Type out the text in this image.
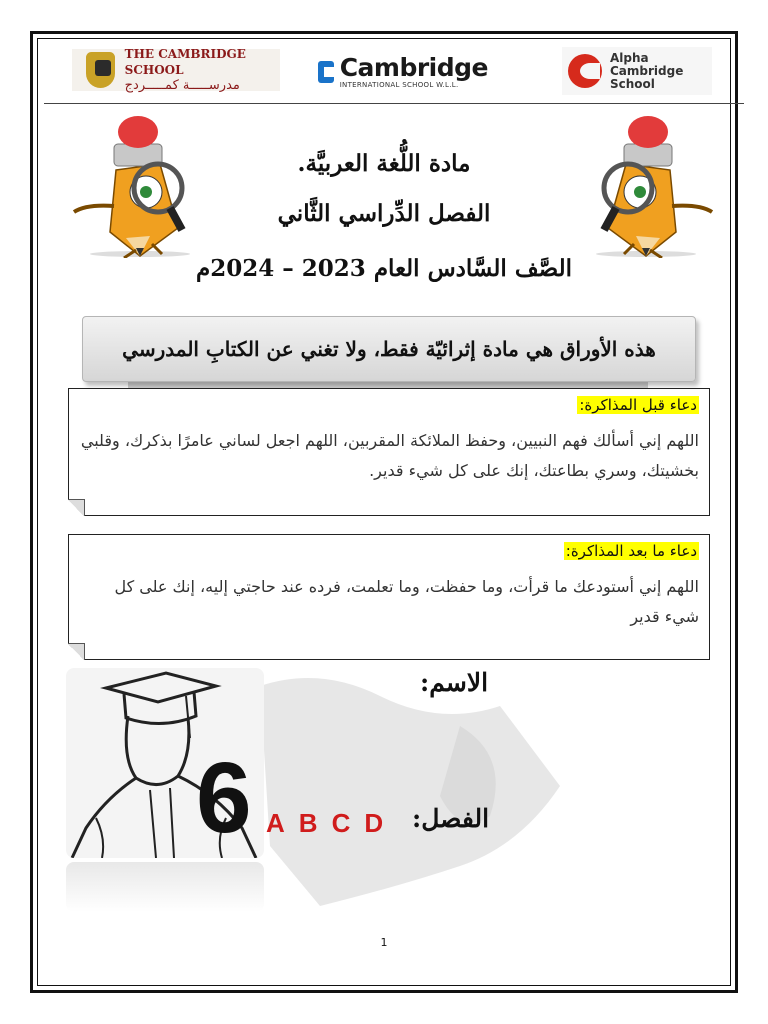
THE CAMBRIDGE SCHOOL
مدرســـــة كمـــــردج
Cambridge
INTERNATIONAL SCHOOL W.L.L.
Alpha
Cambridge
School
مادة اللُّغة العربيَّة.
الفصل الدِّراسي الثَّاني
الصَّف السَّادس العام 2023 – 2024م
هذه الأوراق هي مادة إثرائيّة فقط، ولا تغني عن الكتابِ المدرسي
دعاء قبل المذاكرة:
اللهم إني أسألك فهم النبيين، وحفظ الملائكة المقربين، اللهم اجعل لساني عامرًا بذكرك، وقلبي بخشيتك، وسري بطاعتك، إنك على كل شيء قدير.
دعاء ما بعد المذاكرة:
اللهم إني أستودعك ما قرأت، وما حفظت، وما تعلمت، فرده عند حاجتي إليه، إنك على كل شيء قدير
6
الاسم:
الفصل:
A B C D
1
